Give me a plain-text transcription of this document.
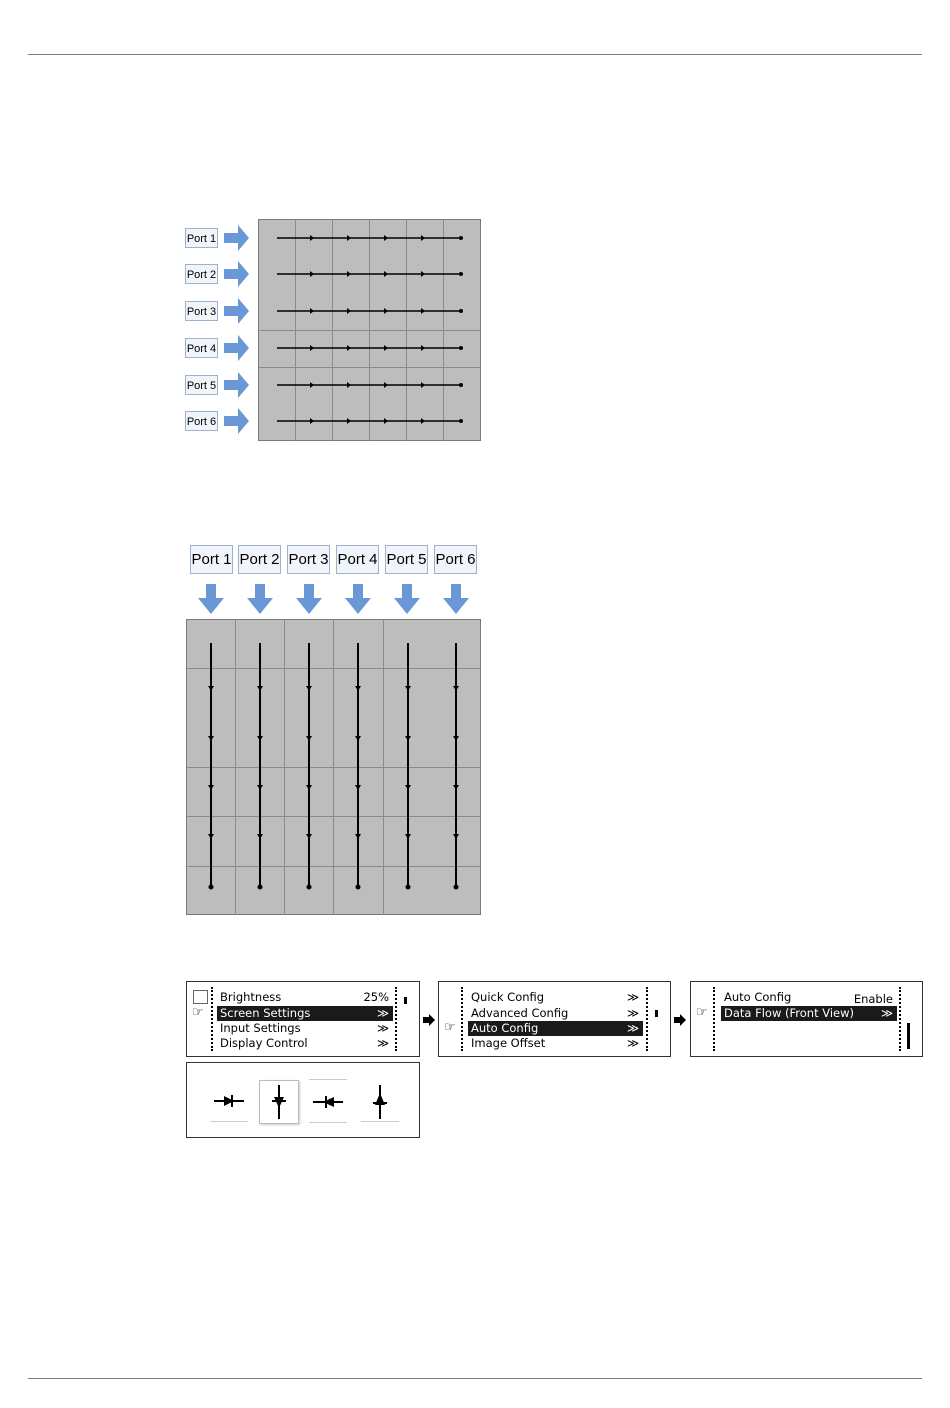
Port 1
Port 2
Port 3
Port 4
Port 5
Port 6
Port 1 Port 2 Port 3 Port 4 Port 5 Port 6
☞
Brightness	25%
Screen Settings	≫
Input Settings	≫
Display Control	≫
☞
Quick Config	≫
Advanced Config	≫
Auto Config	≫
Image Offset	≫
☞
Auto Config	Enable
Data Flow (Front View) ≫
